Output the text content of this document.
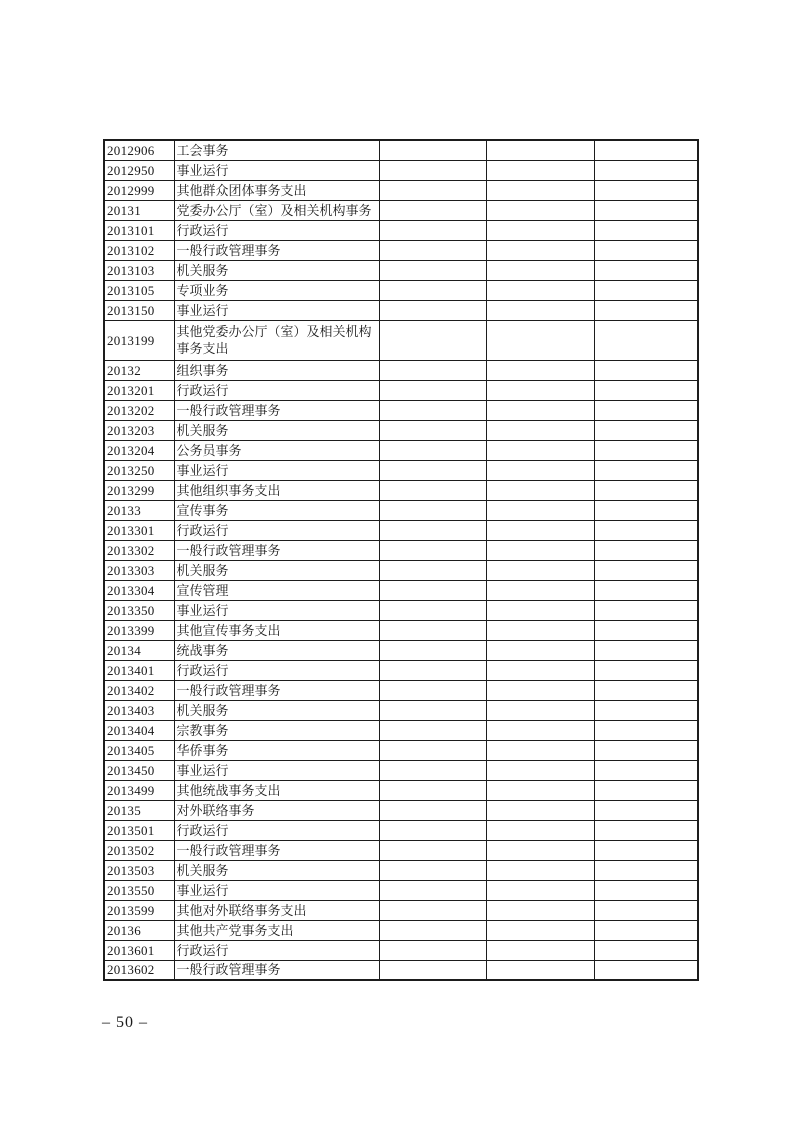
2012906	工会事务			
2012950	事业运行			
2012999	其他群众团体事务支出			
20131	党委办公厅（室）及相关机构事务			
2013101	行政运行			
2013102	一般行政管理事务			
2013103	机关服务			
2013105	专项业务			
2013150	事业运行			
2013199	其他党委办公厅（室）及相关机构事务支出			
20132	组织事务			
2013201	行政运行			
2013202	一般行政管理事务			
2013203	机关服务			
2013204	公务员事务			
2013250	事业运行			
2013299	其他组织事务支出			
20133	宣传事务			
2013301	行政运行			
2013302	一般行政管理事务			
2013303	机关服务			
2013304	宣传管理			
2013350	事业运行			
2013399	其他宣传事务支出			
20134	统战事务			
2013401	行政运行			
2013402	一般行政管理事务			
2013403	机关服务			
2013404	宗教事务			
2013405	华侨事务			
2013450	事业运行			
2013499	其他统战事务支出			
20135	对外联络事务			
2013501	行政运行			
2013502	一般行政管理事务			
2013503	机关服务			
2013550	事业运行			
2013599	其他对外联络事务支出			
20136	其他共产党事务支出			
2013601	行政运行			
2013602	一般行政管理事务			
– 50 –
